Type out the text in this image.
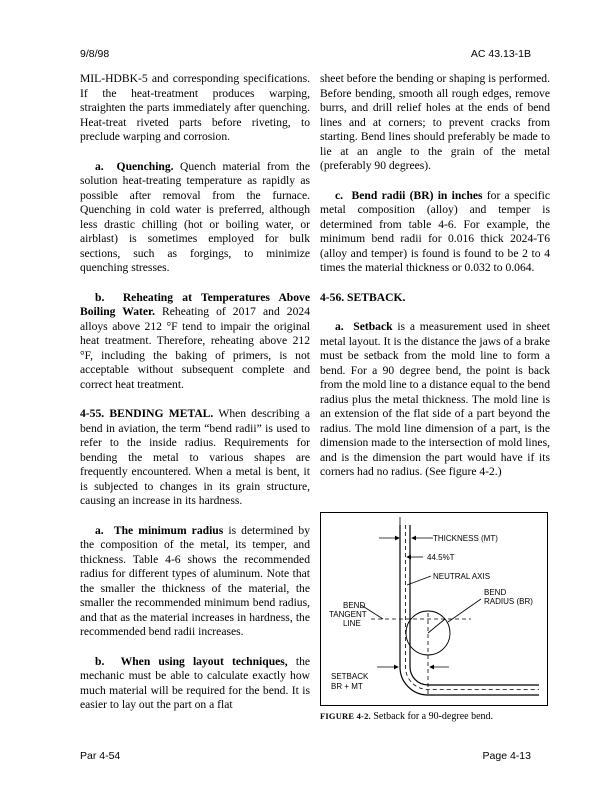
9/8/98	AC 43.13-1B

MIL-HDBK-5 and corresponding specifications. If the heat-treatment produces warping, straighten the parts immediately after quenching. Heat-treat riveted parts before riveting, to preclude warping and corrosion.

a. Quenching. Quench material from the solution heat-treating temperature as rapidly as possible after removal from the furnace. Quenching in cold water is preferred, although less drastic chilling (hot or boiling water, or airblast) is sometimes employed for bulk sections, such as forgings, to minimize quenching stresses.

b. Reheating at Temperatures Above Boiling Water. Reheating of 2017 and 2024 alloys above 212 °F tend to impair the original heat treatment. Therefore, reheating above 212 °F, including the baking of primers, is not acceptable without subsequent complete and correct heat treatment.

4-55. BENDING METAL. When describing a bend in aviation, the term “bend radii” is used to refer to the inside radius. Requirements for bending the metal to various shapes are frequently encountered. When a metal is bent, it is subjected to changes in its grain structure, causing an increase in its hardness.

a. The minimum radius is determined by the composition of the metal, its temper, and thickness. Table 4-6 shows the recommended radius for different types of aluminum. Note that the smaller the thickness of the material, the smaller the recommended minimum bend radius, and that as the material increases in hardness, the recommended bend radii increases.

b. When using layout techniques, the mechanic must be able to calculate exactly how much material will be required for the bend. It is easier to lay out the part on a flat

sheet before the bending or shaping is performed. Before bending, smooth all rough edges, remove burrs, and drill relief holes at the ends of bend lines and at corners; to prevent cracks from starting. Bend lines should preferably be made to lie at an angle to the grain of the metal (preferably 90 degrees).

c. Bend radii (BR) in inches for a specific metal composition (alloy) and temper is determined from table 4-6. For example, the minimum bend radii for 0.016 thick 2024-T6 (alloy and temper) is found is found to be 2 to 4 times the material thickness or 0.032 to 0.064.

4-56. SETBACK.

a. Setback is a measurement used in sheet metal layout. It is the distance the jaws of a brake must be setback from the mold line to form a bend. For a 90 degree bend, the point is back from the mold line to a distance equal to the bend radius plus the metal thickness. The mold line is an extension of the flat side of a part beyond the radius. The mold line dimension of a part, is the dimension made to the intersection of mold lines, and is the dimension the part would have if its corners had no radius. (See figure 4-2.)

THICKNESS (MT)
44.5%T
NEUTRAL AXIS
BEND
TANGENT
LINE
BEND
RADIUS (BR)
SETBACK
BR + MT
FIGURE 4-2. Setback for a 90-degree bend.
Par 4-54	Page 4-13
